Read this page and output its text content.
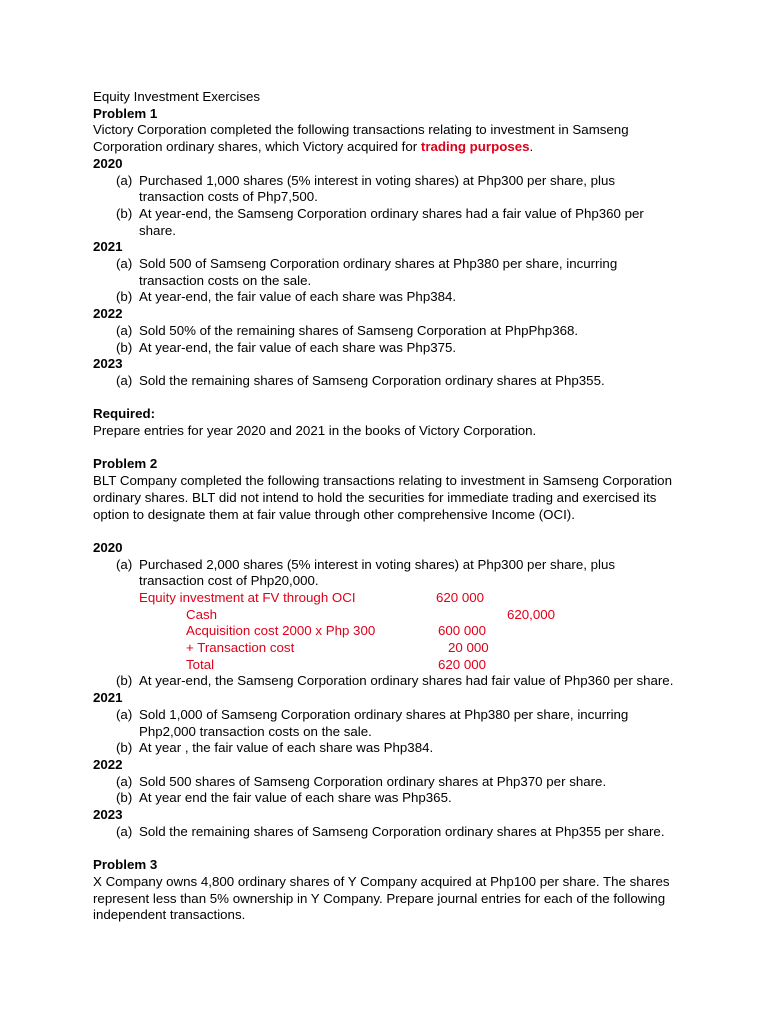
Equity Investment Exercises

Problem 1

Victory Corporation completed the following transactions relating to investment in Samseng Corporation ordinary shares, which Victory acquired for trading purposes.

2020

(a) Purchased 1,000 shares (5% interest in voting shares) at Php300 per share, plus transaction costs of Php7,500.
(b) At year-end, the Samseng Corporation ordinary shares had a fair value of Php360 per share.

2021

(a) Sold 500 of Samseng Corporation ordinary shares at Php380 per share, incurring transaction costs on the sale.
(b) At year-end, the fair value of each share was Php384.

2022

(a) Sold 50% of the remaining shares of Samseng Corporation at PhpPhp368.
(b) At year-end, the fair value of each share was Php375.

2023

(a) Sold the remaining shares of Samseng Corporation ordinary shares at Php355.

Required:

Prepare entries for year 2020 and 2021 in the books of Victory Corporation.

Problem 2

BLT Company completed the following transactions relating to investment in Samseng Corporation ordinary shares. BLT did not intend to hold the securities for immediate trading and exercised its option to designate them at fair value through other comprehensive Income (OCI).

2020

(a) Purchased 2,000 shares (5% interest in voting shares) at Php300 per share, plus transaction cost of Php20,000.
Equity investment at FV through OCI	620 000
Cash	620,000
Acquisition cost 2000 x Php 300	600 000
+ Transaction cost	20 000
Total	620 000
(b) At year-end, the Samseng Corporation ordinary shares had fair value of Php360 per share.

2021

(a) Sold 1,000 of Samseng Corporation ordinary shares at Php380 per share, incurring Php2,000 transaction costs on the sale.
(b) At year , the fair value of each share was Php384.

2022

(a) Sold 500 shares of Samseng Corporation ordinary shares at Php370 per share.
(b) At year end the fair value of each share was Php365.

2023

(a) Sold the remaining shares of Samseng Corporation ordinary shares at Php355 per share.

Problem 3

X Company owns 4,800 ordinary shares of Y Company acquired at Php100 per share. The shares represent less than 5% ownership in Y Company. Prepare journal entries for each of the following independent transactions.
